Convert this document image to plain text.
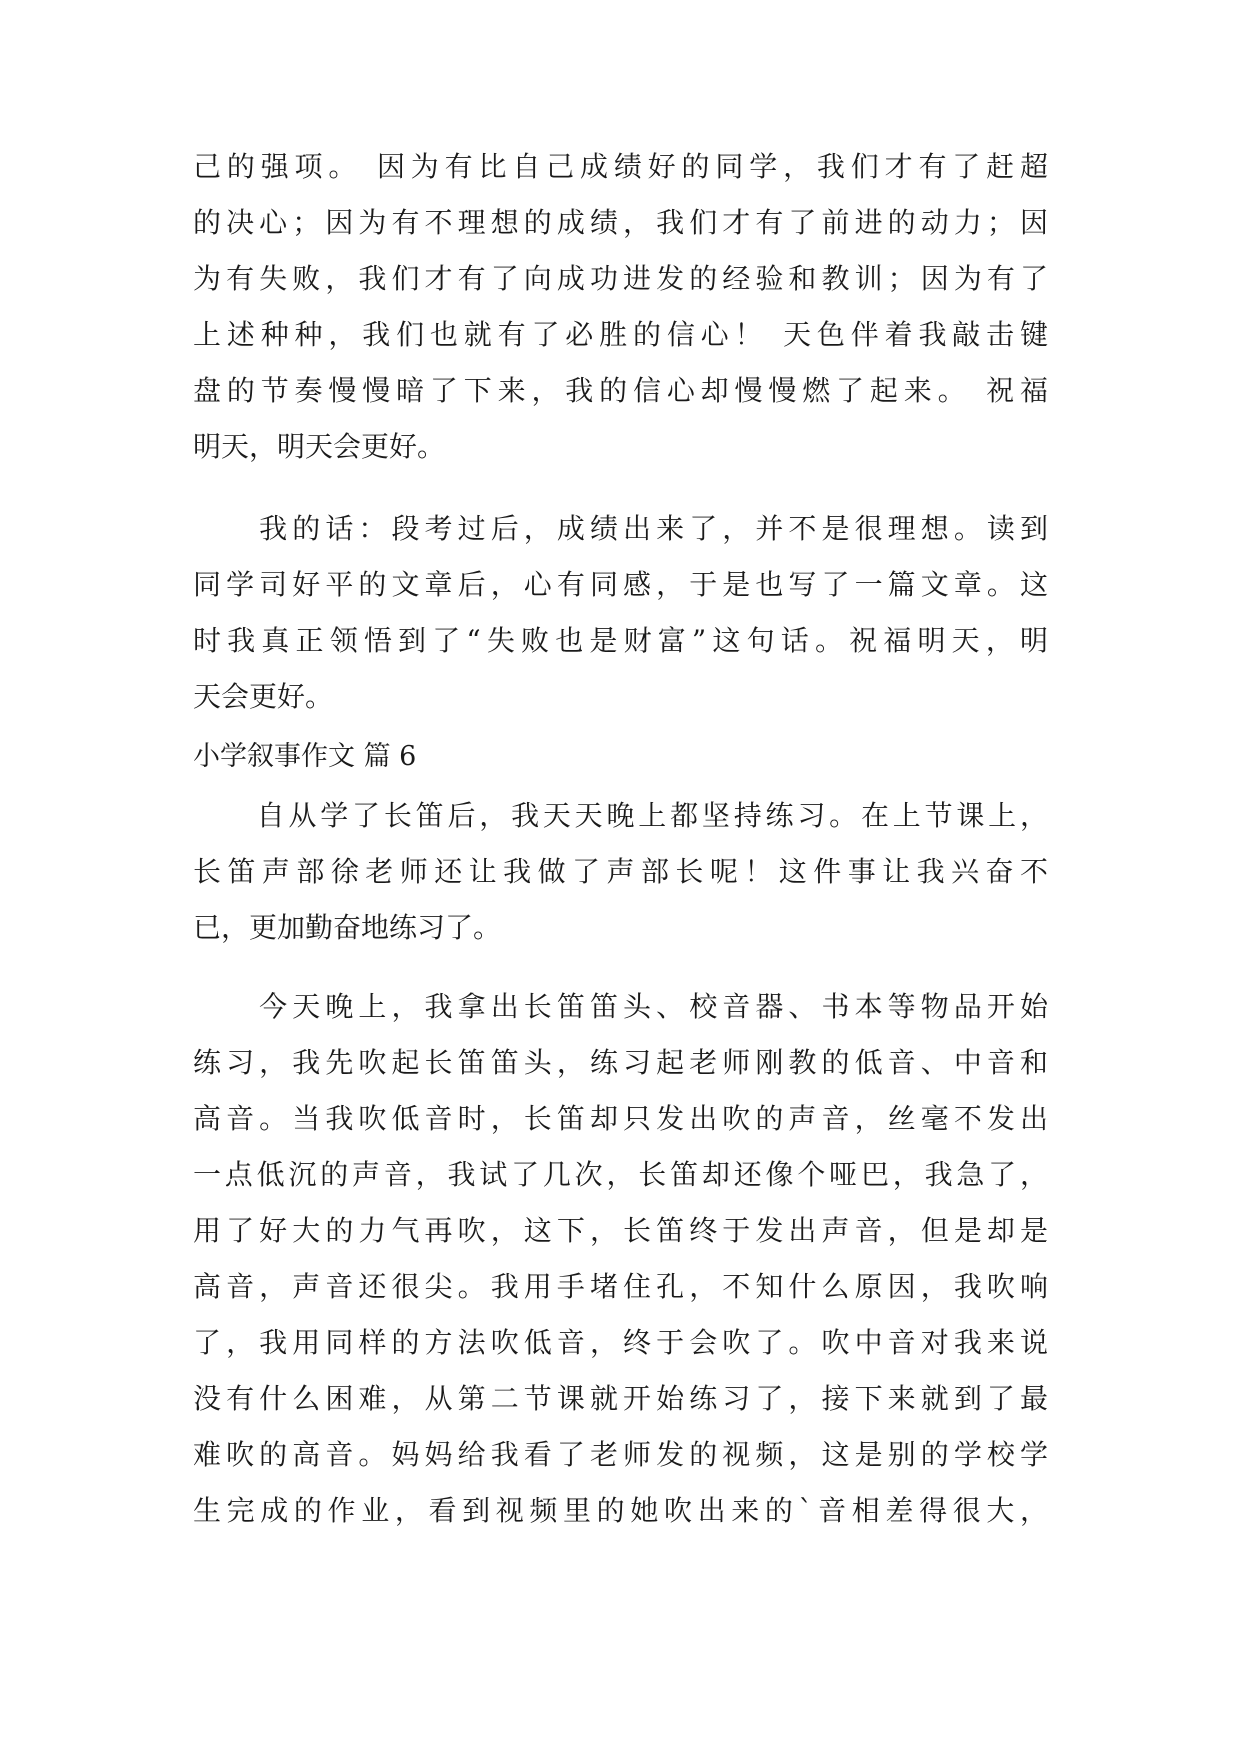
己的强项。 因为有比自己成绩好的同学，我们才有了赶超
的决心；因为有不理想的成绩，我们才有了前进的动力；因
为有失败，我们才有了向成功进发的经验和教训；因为有了
上述种种，我们也就有了必胜的信心！ 天色伴着我敲击键
盘的节奏慢慢暗了下来，我的信心却慢慢燃了起来。 祝福
明天，明天会更好。
　　我的话：段考过后，成绩出来了，并不是很理想。读到
同学司好平的文章后，心有同感，于是也写了一篇文章。这
时我真正领悟到了“失败也是财富”这句话。祝福明天，明
天会更好。
小学叙事作文 篇 6
　　自从学了长笛后，我天天晚上都坚持练习。在上节课上，
长笛声部徐老师还让我做了声部长呢！这件事让我兴奋不
已，更加勤奋地练习了。
　　今天晚上，我拿出长笛笛头、校音器、书本等物品开始
练习，我先吹起长笛笛头，练习起老师刚教的低音、中音和
高音。当我吹低音时，长笛却只发出吹的声音，丝毫不发出
一点低沉的声音，我试了几次，长笛却还像个哑巴，我急了，
用了好大的力气再吹，这下，长笛终于发出声音，但是却是
高音，声音还很尖。我用手堵住孔，不知什么原因，我吹响
了，我用同样的方法吹低音，终于会吹了。吹中音对我来说
没有什么困难，从第二节课就开始练习了，接下来就到了最
难吹的高音。妈妈给我看了老师发的视频，这是别的学校学
生完成的作业，看到视频里的她吹出来的`音相差得很大，
